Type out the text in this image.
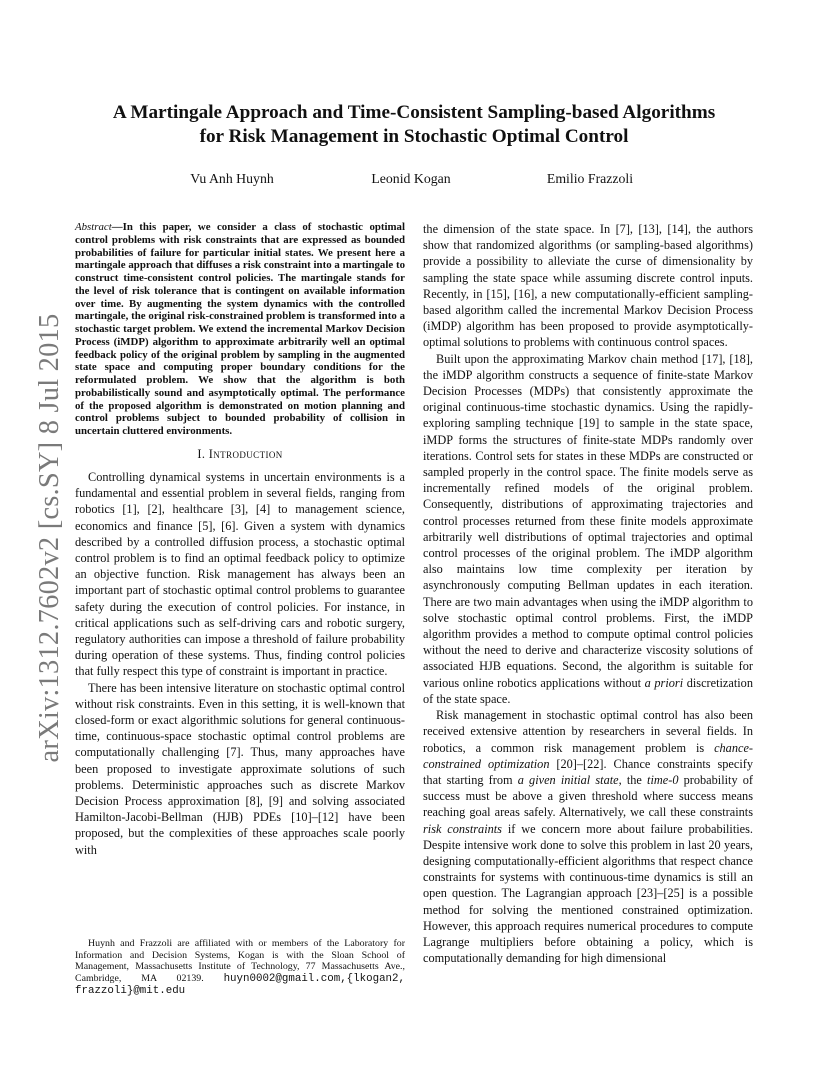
arXiv:1312.7602v2 [cs.SY] 8 Jul 2015
A Martingale Approach and Time-Consistent Sampling-based Algorithms
for Risk Management in Stochastic Optimal Control
Vu Anh Huynh	Leonid Kogan	Emilio Frazzoli

Abstract—In this paper, we consider a class of stochastic optimal control problems with risk constraints that are expressed as bounded probabilities of failure for particular initial states. We present here a martingale approach that diffuses a risk constraint into a martingale to construct time-consistent control policies. The martingale stands for the level of risk tolerance that is contingent on available information over time. By augmenting the system dynamics with the controlled martingale, the original risk-constrained problem is transformed into a stochastic target problem. We extend the incremental Markov Decision Process (iMDP) algorithm to approximate arbitrarily well an optimal feedback policy of the original problem by sampling in the augmented state space and computing proper boundary conditions for the reformulated problem. We show that the algorithm is both probabilistically sound and asymptotically optimal. The performance of the proposed algorithm is demonstrated on motion planning and control problems subject to bounded probability of collision in uncertain cluttered environments.

I. Introduction

Controlling dynamical systems in uncertain environments is a fundamental and essential problem in several fields, ranging from robotics [1], [2], healthcare [3], [4] to management science, economics and finance [5], [6]. Given a system with dynamics described by a controlled diffusion process, a stochastic optimal control problem is to find an optimal feedback policy to optimize an objective function. Risk management has always been an important part of stochastic optimal control problems to guarantee safety during the execution of control policies. For instance, in critical applications such as self-driving cars and robotic surgery, regulatory authorities can impose a threshold of failure probability during operation of these systems. Thus, finding control policies that fully respect this type of constraint is important in practice.

There has been intensive literature on stochastic optimal control without risk constraints. Even in this setting, it is well-known that closed-form or exact algorithmic solutions for general continuous-time, continuous-space stochastic optimal control problems are computationally challenging [7]. Thus, many approaches have been proposed to investigate approximate solutions of such problems. Deterministic approaches such as discrete Markov Decision Process approximation [8], [9] and solving associated Hamilton-Jacobi-Bellman (HJB) PDEs [10]–[12] have been proposed, but the complexities of these approaches scale poorly with

Huynh and Frazzoli are affiliated with or members of the Laboratory for Information and Decision Systems, Kogan is with the Sloan School of Management, Massachusetts Institute of Technology, 77 Massachusetts Ave., Cambridge, MA 02139. huyn0002@gmail.com,{lkogan2, frazzoli}@mit.edu

the dimension of the state space. In [7], [13], [14], the authors show that randomized algorithms (or sampling-based algorithms) provide a possibility to alleviate the curse of dimensionality by sampling the state space while assuming discrete control inputs. Recently, in [15], [16], a new computationally-efficient sampling-based algorithm called the incremental Markov Decision Process (iMDP) algorithm has been proposed to provide asymptotically-optimal solutions to problems with continuous control spaces.

Built upon the approximating Markov chain method [17], [18], the iMDP algorithm constructs a sequence of finite-state Markov Decision Processes (MDPs) that consistently approximate the original continuous-time stochastic dynamics. Using the rapidly-exploring sampling technique [19] to sample in the state space, iMDP forms the structures of finite-state MDPs randomly over iterations. Control sets for states in these MDPs are constructed or sampled properly in the control space. The finite models serve as incrementally refined models of the original problem. Consequently, distributions of approximating trajectories and control processes returned from these finite models approximate arbitrarily well distributions of optimal trajectories and optimal control processes of the original problem. The iMDP algorithm also maintains low time complexity per iteration by asynchronously computing Bellman updates in each iteration. There are two main advantages when using the iMDP algorithm to solve stochastic optimal control problems. First, the iMDP algorithm provides a method to compute optimal control policies without the need to derive and characterize viscosity solutions of associated HJB equations. Second, the algorithm is suitable for various online robotics applications without a priori discretization of the state space.

Risk management in stochastic optimal control has also been received extensive attention by researchers in several fields. In robotics, a common risk management problem is chance-constrained optimization [20]–[22]. Chance constraints specify that starting from a given initial state, the time-0 probability of success must be above a given threshold where success means reaching goal areas safely. Alternatively, we call these constraints risk constraints if we concern more about failure probabilities. Despite intensive work done to solve this problem in last 20 years, designing computationally-efficient algorithms that respect chance constraints for systems with continuous-time dynamics is still an open question. The Lagrangian approach [23]–[25] is a possible method for solving the mentioned constrained optimization. However, this approach requires numerical procedures to compute Lagrange multipliers before obtaining a policy, which is computationally demanding for high dimensional
